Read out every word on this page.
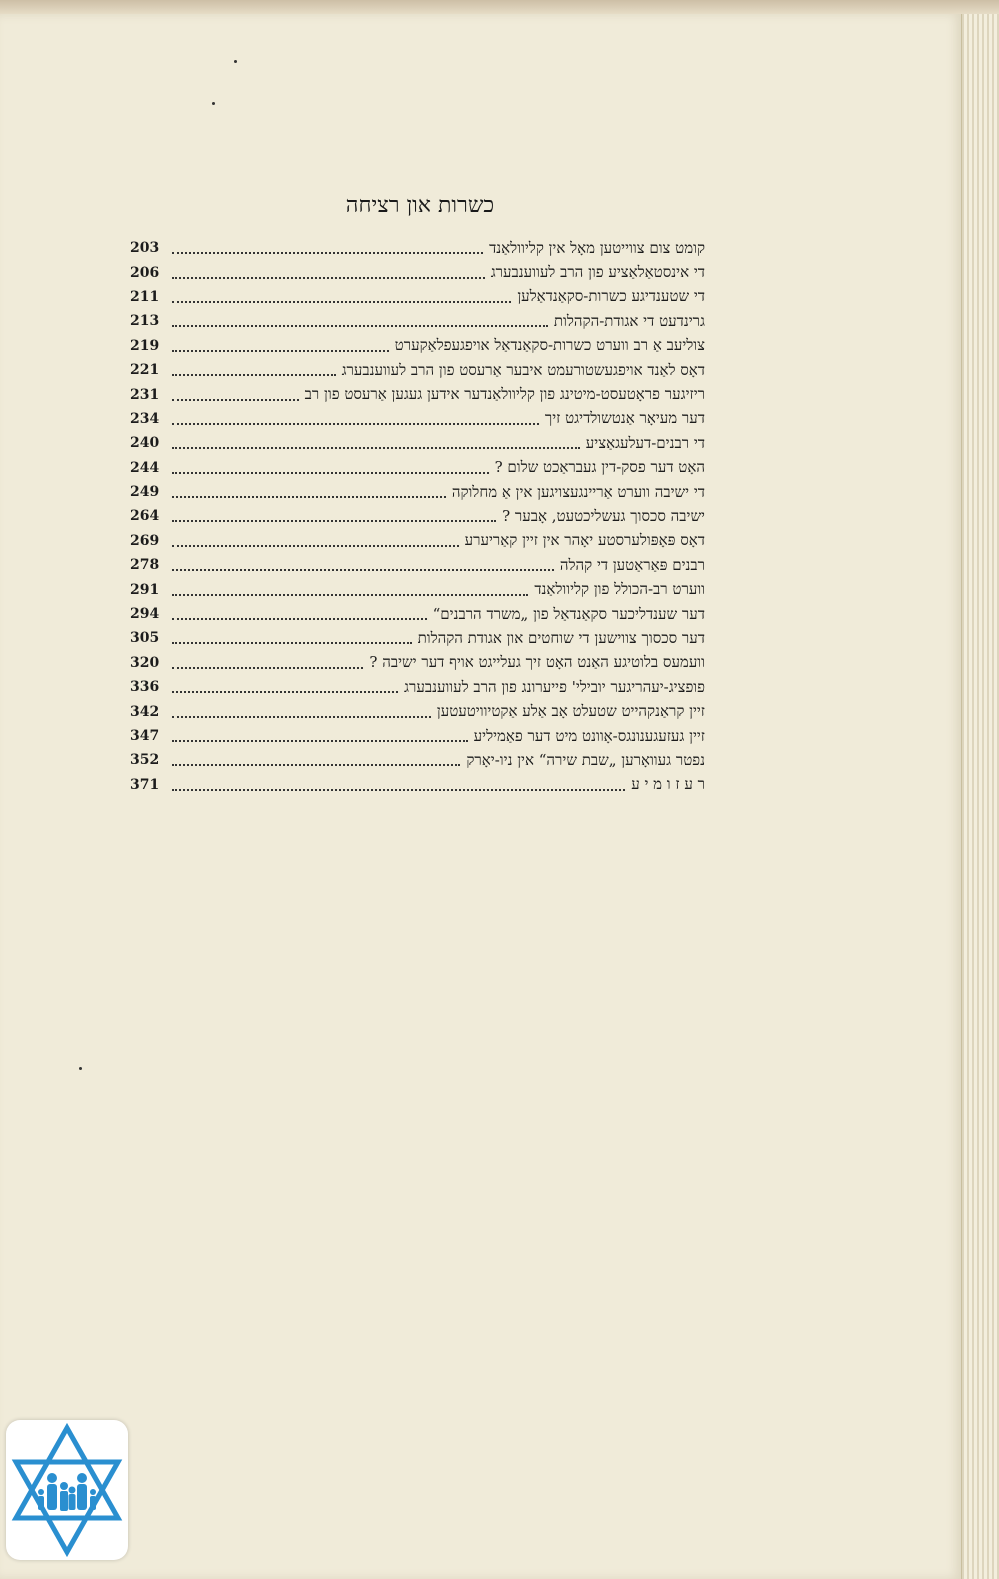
כשרות און רציחה
קומט צום צווייטען מאָל אין קליוולאַנד
203
די אינסטאַלאַציע פון הרב לעווענבערג
206
די שטענדיגע כשרות-סקאַנדאַלען
211
גרינדעט די אגודת-הקהלות
213
צוליעב אַ רב ווערט כשרות-סקאַנדאַל אויפגעפלאַקערט
219
דאָס לאַנד אויפגעשטורעמט איבער אַרעסט פון הרב לעווענבערג
221
ריזיגער פראָטעסט-מיטינג פון קליוולאַנדער אידען געגען אַרעסט פון רב
231
דער מעיאָר אַנטשולדיגט זיך
234
די רבנים-דעלעגאַציע
240
האָט דער פסק-דין געבראַכט שלום ?
244
די ישיבה ווערט אַריינגעצויגען אין אַ מחלוקה
249
ישיבה סכסוך געשליכטעט, אָבער ?
264
דאָס פּאָפּולערסטע יאָהר אין זיין קאַריערע
269
רבנים פּאַראַטען די קהלה
278
ווערט רב-הכולל פון קליוולאַנד
291
דער שענדליכער סקאַנדאַל פון „משרד הרבנים“
294
דער סכסוך צווישען די שוחטים און אגודת הקהלות
305
וועמעס בלוטיגע האַנט האָט זיך געלייגט אויף דער ישיבה ?
320
פופציג-יעהריגער יובילי' פייערונג פון הרב לעווענבערג
336
זיין קראַנקהייט שטעלט אָב אַלע אַקטיוויטעטען
342
זיין געזעגענונגס-אָוונט מיט דער פאַמיליע
347
נפטר געוואָרען „שבת שירה“ אין ניו-יאָרק
352
ר ע ז ו מ י ע
371
